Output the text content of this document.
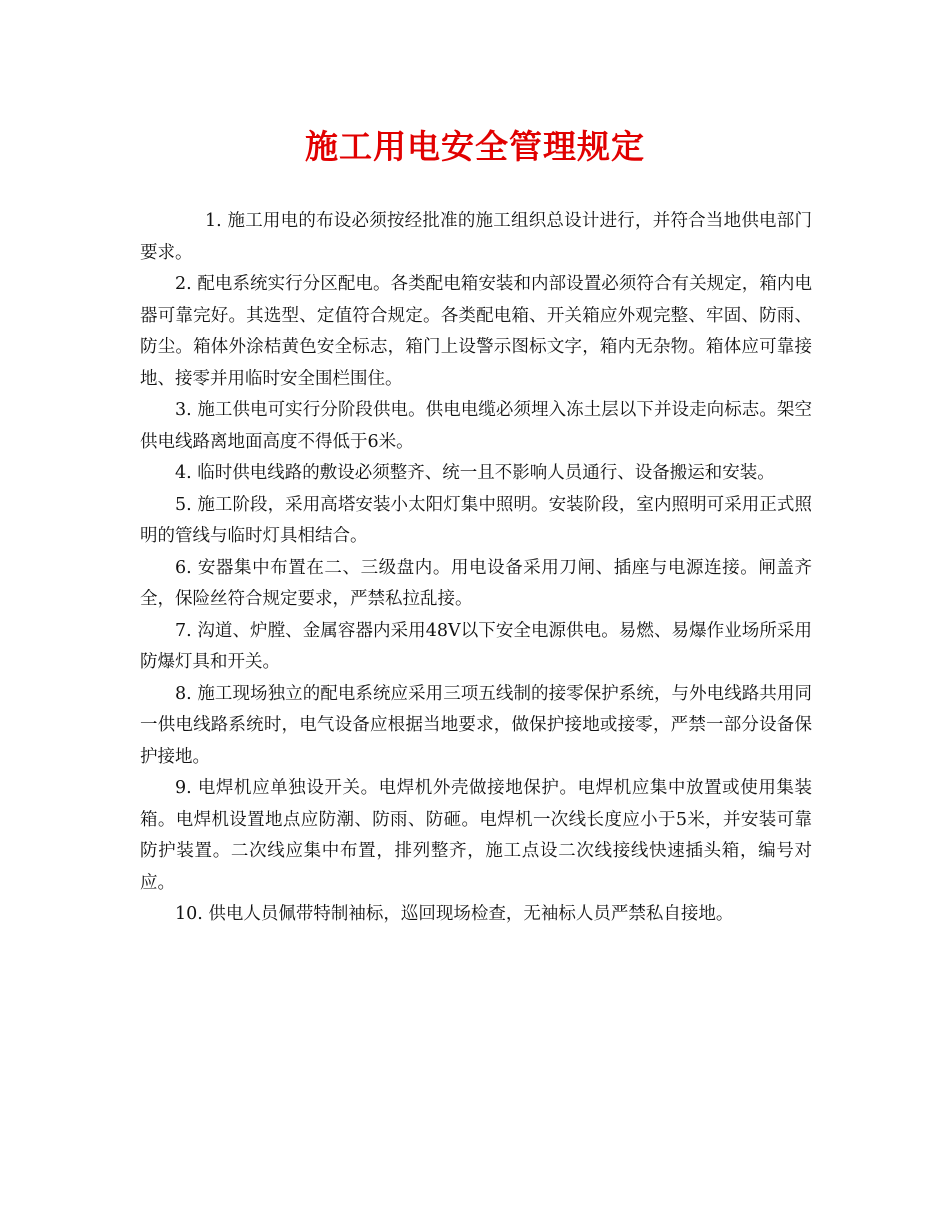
施工用电安全管理规定

1. 施工用电的布设必须按经批准的施工组织总设计进行，并符合当地供电部门要求。

2. 配电系统实行分区配电。各类配电箱安装和内部设置必须符合有关规定，箱内电器可靠完好。其选型、定值符合规定。各类配电箱、开关箱应外观完整、牢固、防雨、防尘。箱体外涂桔黄色安全标志，箱门上设警示图标文字，箱内无杂物。箱体应可靠接地、接零并用临时安全围栏围住。

3. 施工供电可实行分阶段供电。供电电缆必须埋入冻土层以下并设走向标志。架空供电线路离地面高度不得低于6米。

4. 临时供电线路的敷设必须整齐、统一且不影响人员通行、设备搬运和安装。

5. 施工阶段，采用高塔安装小太阳灯集中照明。安装阶段，室内照明可采用正式照明的管线与临时灯具相结合。

6. 安器集中布置在二、三级盘内。用电设备采用刀闸、插座与电源连接。闸盖齐全，保险丝符合规定要求，严禁私拉乱接。

7. 沟道、炉膛、金属容器内采用48V以下安全电源供电。易燃、易爆作业场所采用防爆灯具和开关。

8. 施工现场独立的配电系统应采用三项五线制的接零保护系统，与外电线路共用同一供电线路系统时，电气设备应根据当地要求，做保护接地或接零，严禁一部分设备保护接地。

9. 电焊机应单独设开关。电焊机外壳做接地保护。电焊机应集中放置或使用集装箱。电焊机设置地点应防潮、防雨、防砸。电焊机一次线长度应小于5米，并安装可靠防护装置。二次线应集中布置，排列整齐，施工点设二次线接线快速插头箱，编号对应。

10. 供电人员佩带特制袖标，巡回现场检查，无袖标人员严禁私自接地。
